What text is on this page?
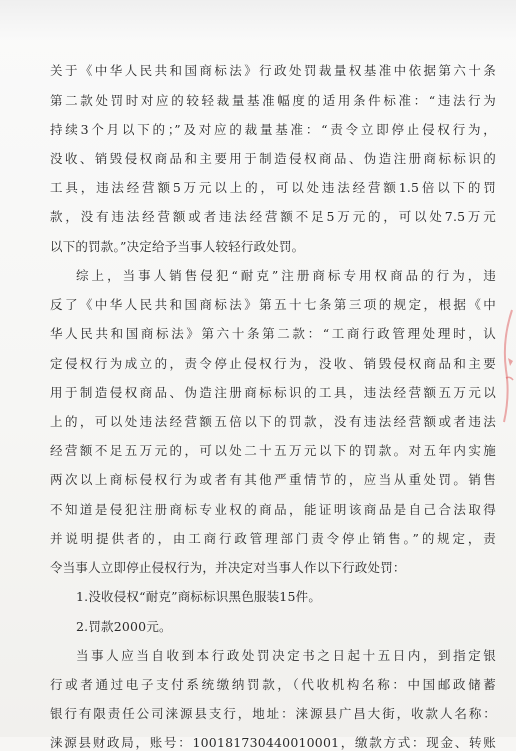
关于《中华人民共和国商标法》行政处罚裁量权基准中依据第六十条
第二款处罚时对应的较轻裁量基准幅度的适用条件标准：“违法行为
持续3个月以下的；”及对应的裁量基准：“责令立即停止侵权行为，
没收、销毁侵权商品和主要用于制造侵权商品、伪造注册商标标识的
工具，违法经营额5万元以上的，可以处违法经营额1.5倍以下的罚
款，没有违法经营额或者违法经营额不足5万元的，可以处7.5万元
以下的罚款。”决定给予当事人较轻行政处罚。
综上，当事人销售侵犯“耐克”注册商标专用权商品的行为，违
反了《中华人民共和国商标法》第五十七条第三项的规定，根据《中
华人民共和国商标法》第六十条第二款：“工商行政管理处理时，认
定侵权行为成立的，责令停止侵权行为，没收、销毁侵权商品和主要
用于制造侵权商品、伪造注册商标标识的工具，违法经营额五万元以
上的，可以处违法经营额五倍以下的罚款，没有违法经营额或者违法
经营额不足五万元的，可以处二十五万元以下的罚款。对五年内实施
两次以上商标侵权行为或者有其他严重情节的，应当从重处罚。销售
不知道是侵犯注册商标专业权的商品，能证明该商品是自己合法取得
并说明提供者的，由工商行政管理部门责令停止销售。”的规定，责
令当事人立即停止侵权行为，并决定对当事人作以下行政处罚：
1.没收侵权“耐克”商标标识黑色服装15件。
2.罚款2000元。
当事人应当自收到本行政处罚决定书之日起十五日内，到指定银
行或者通过电子支付系统缴纳罚款，（代收机构名称：中国邮政储蓄
银行有限责任公司涞源县支行，地址：涞源县广昌大街，收款人名称：
涞源县财政局，账号：100181730440010001，缴款方式：现金、转账
